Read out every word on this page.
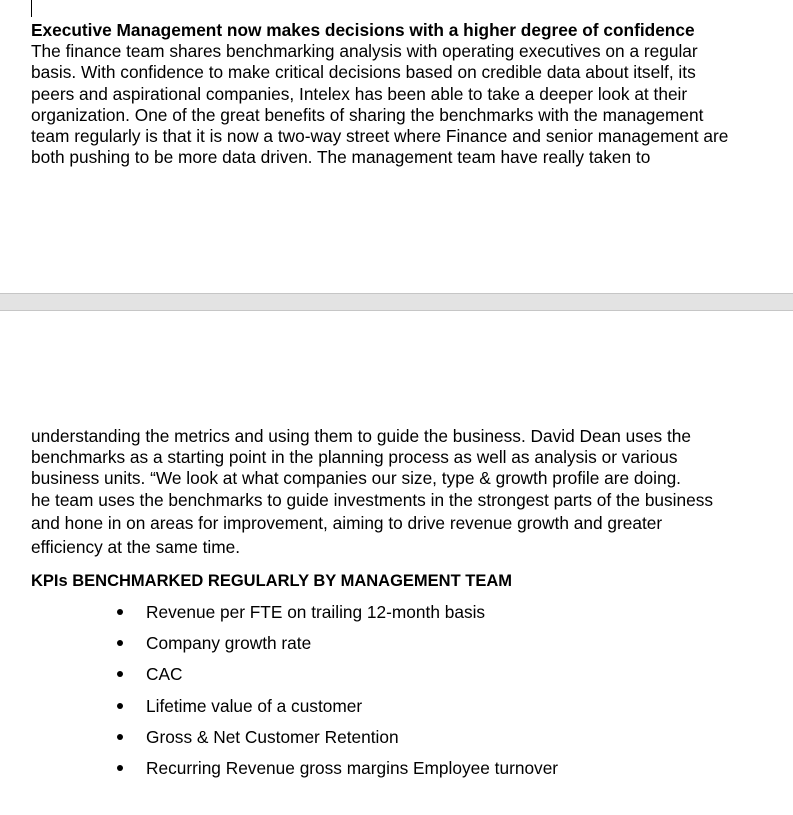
Executive Management now makes decisions with a higher degree of confidence
The finance team shares benchmarking analysis with operating executives on a regular
basis. With confidence to make critical decisions based on credible data about itself, its
peers and aspirational companies, Intelex has been able to take a deeper look at their
organization. One of the great benefits of sharing the benchmarks with the management
team regularly is that it is now a two-way street where Finance and senior management are
both pushing to be more data driven. The management team have really taken to
understanding the metrics and using them to guide the business. David Dean uses the
benchmarks as a starting point in the planning process as well as analysis or various
business units. “We look at what companies our size, type & growth profile are doing.
he team uses the benchmarks to guide investments in the strongest parts of the business
and hone in on areas for improvement, aiming to drive revenue growth and greater
efficiency at the same time.
KPIs BENCHMARKED REGULARLY BY MANAGEMENT TEAM
Revenue per FTE on trailing 12-month basis
Company growth rate
CAC
Lifetime value of a customer
Gross & Net Customer Retention
Recurring Revenue gross margins Employee turnover
